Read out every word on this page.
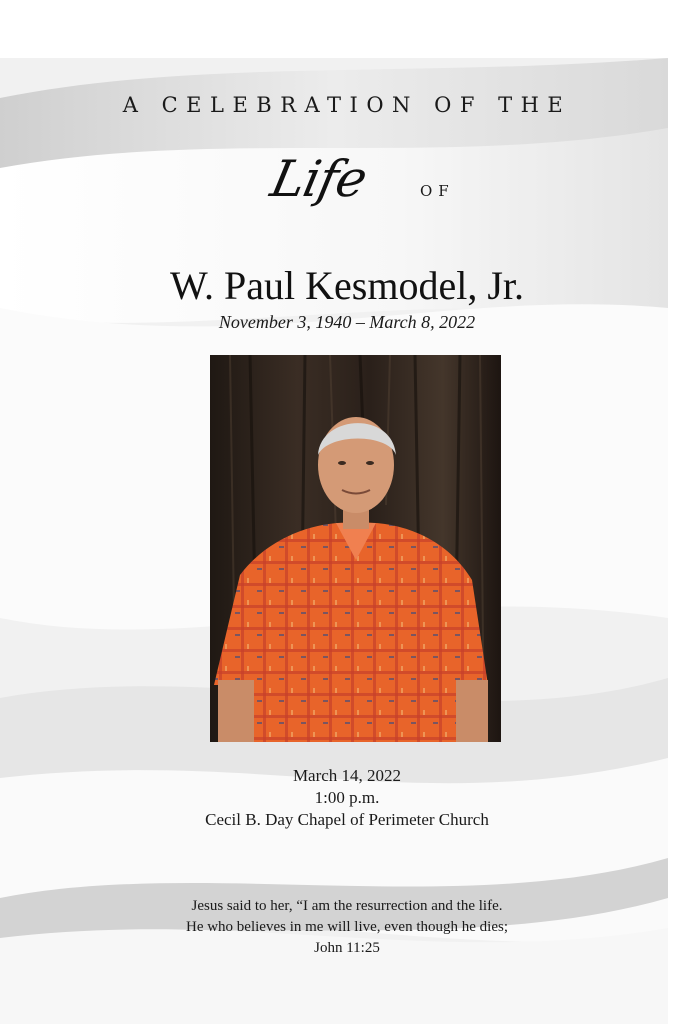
A CELEBRATION OF THE
Life	OF
W. Paul Kesmodel, Jr.
November 3, 1940 – March 8, 2022
March 14, 2022
1:00 p.m.
Cecil B. Day Chapel of Perimeter Church
Jesus said to her, “I am the resurrection and the life.
He who believes in me will live, even though he dies;
John 11:25
